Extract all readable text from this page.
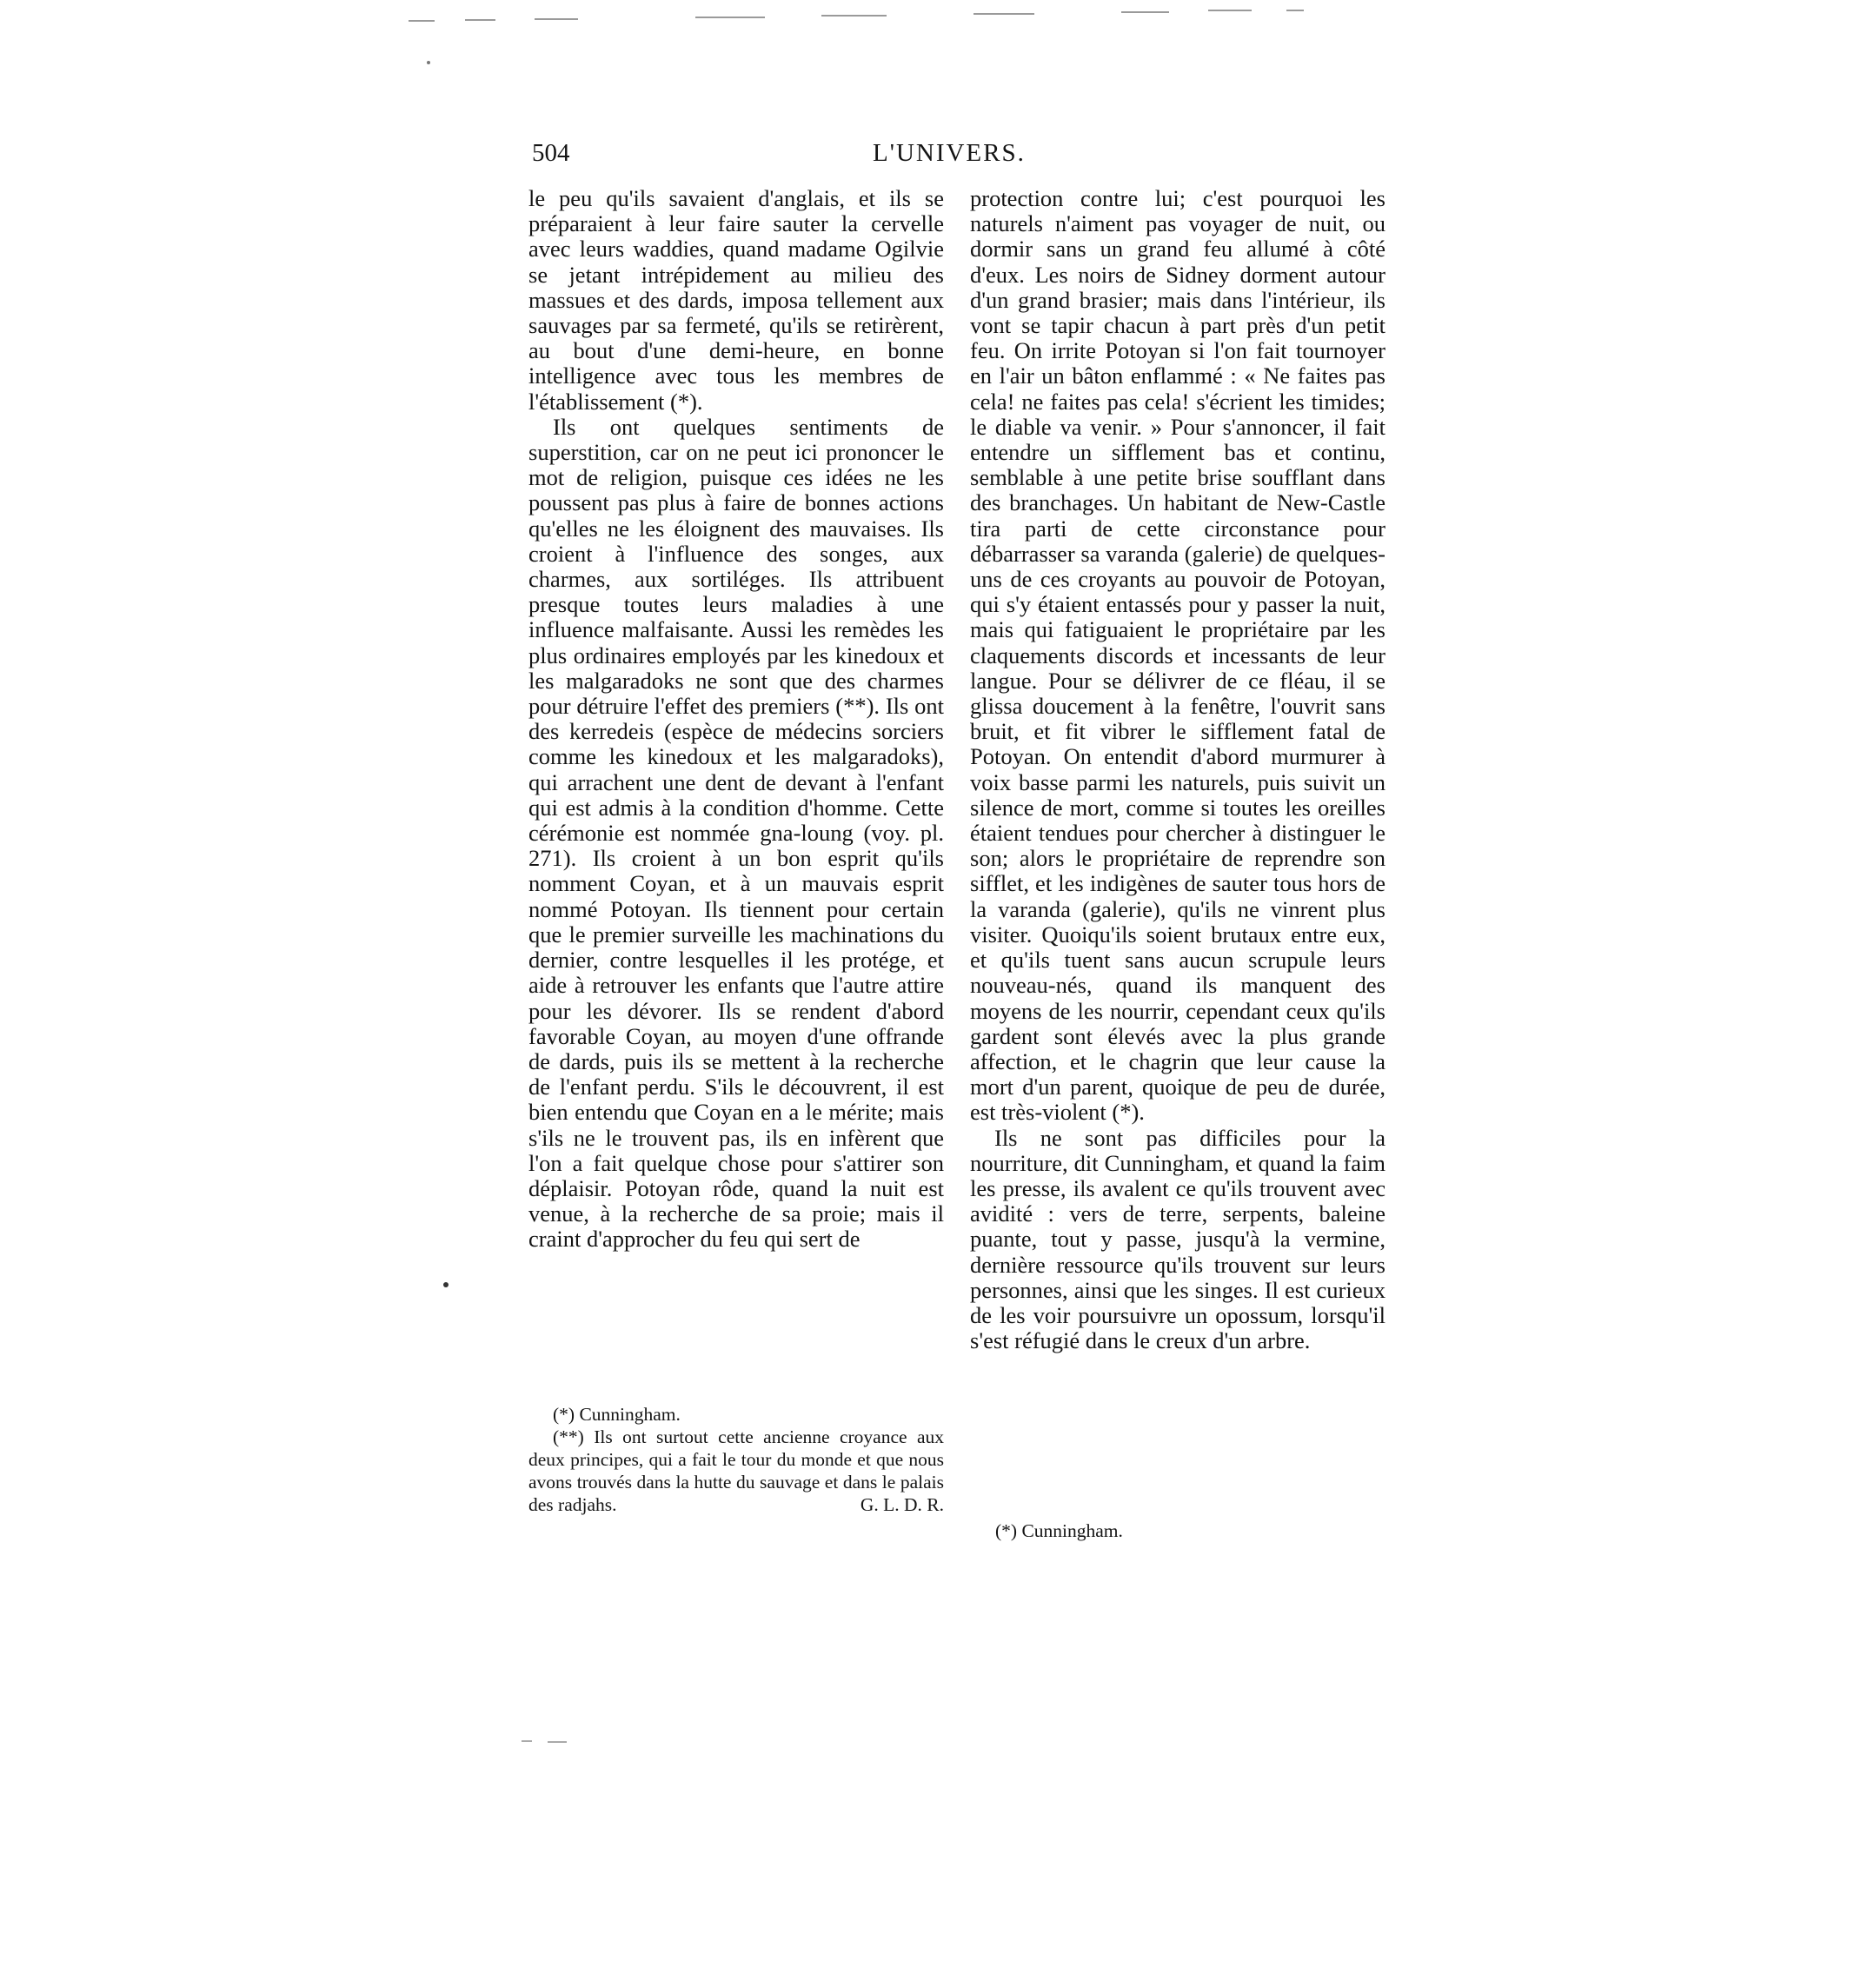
504	L'UNIVERS.

le peu qu'ils savaient d'anglais, et ils se préparaient à leur faire sauter la cervelle avec leurs waddies, quand madame Ogilvie se jetant intrépidement au milieu des massues et des dards, imposa tellement aux sauvages par sa fermeté, qu'ils se retirèrent, au bout d'une demi-heure, en bonne intelligence avec tous les membres de l'établissement (*).

Ils ont quelques sentiments de superstition, car on ne peut ici prononcer le mot de religion, puisque ces idées ne les poussent pas plus à faire de bonnes actions qu'elles ne les éloignent des mauvaises. Ils croient à l'influence des songes, aux charmes, aux sortiléges. Ils attribuent presque toutes leurs maladies à une influence malfaisante. Aussi les remèdes les plus ordinaires employés par les kinedoux et les malgaradoks ne sont que des charmes pour détruire l'effet des premiers (**). Ils ont des kerredeis (espèce de médecins sorciers comme les kinedoux et les malgaradoks), qui arrachent une dent de devant à l'enfant qui est admis à la condition d'homme. Cette cérémonie est nommée gna-loung (voy. pl. 271). Ils croient à un bon esprit qu'ils nomment Coyan, et à un mauvais esprit nommé Potoyan. Ils tiennent pour certain que le premier surveille les machinations du dernier, contre lesquelles il les protége, et aide à retrouver les enfants que l'autre attire pour les dévorer. Ils se rendent d'abord favorable Coyan, au moyen d'une offrande de dards, puis ils se mettent à la recherche de l'enfant perdu. S'ils le découvrent, il est bien entendu que Coyan en a le mérite; mais s'ils ne le trouvent pas, ils en infèrent que l'on a fait quelque chose pour s'attirer son déplaisir. Potoyan rôde, quand la nuit est venue, à la recherche de sa proie; mais il craint d'approcher du feu qui sert de

protection contre lui; c'est pourquoi les naturels n'aiment pas voyager de nuit, ou dormir sans un grand feu allumé à côté d'eux. Les noirs de Sidney dorment autour d'un grand brasier; mais dans l'intérieur, ils vont se tapir chacun à part près d'un petit feu. On irrite Potoyan si l'on fait tournoyer en l'air un bâton enflammé : « Ne faites pas cela! ne faites pas cela! s'écrient les timides; le diable va venir. » Pour s'annoncer, il fait entendre un sifflement bas et continu, semblable à une petite brise soufflant dans des branchages. Un habitant de New-Castle tira parti de cette circonstance pour débarrasser sa varanda (galerie) de quelques-uns de ces croyants au pouvoir de Potoyan, qui s'y étaient entassés pour y passer la nuit, mais qui fatiguaient le propriétaire par les claquements discords et incessants de leur langue. Pour se délivrer de ce fléau, il se glissa doucement à la fenêtre, l'ouvrit sans bruit, et fit vibrer le sifflement fatal de Potoyan. On entendit d'abord murmurer à voix basse parmi les naturels, puis suivit un silence de mort, comme si toutes les oreilles étaient tendues pour chercher à distinguer le son; alors le propriétaire de reprendre son sifflet, et les indigènes de sauter tous hors de la varanda (galerie), qu'ils ne vinrent plus visiter. Quoiqu'ils soient brutaux entre eux, et qu'ils tuent sans aucun scrupule leurs nouveau-nés, quand ils manquent des moyens de les nourrir, cependant ceux qu'ils gardent sont élevés avec la plus grande affection, et le chagrin que leur cause la mort d'un parent, quoique de peu de durée, est très-violent (*).

Ils ne sont pas difficiles pour la nourriture, dit Cunningham, et quand la faim les presse, ils avalent ce qu'ils trouvent avec avidité : vers de terre, serpents, baleine puante, tout y passe, jusqu'à la vermine, dernière ressource qu'ils trouvent sur leurs personnes, ainsi que les singes. Il est curieux de les voir poursuivre un opossum, lorsqu'il s'est réfugié dans le creux d'un arbre.

(*) Cunningham.

(**) Ils ont surtout cette ancienne croyance aux deux principes, qui a fait le tour du monde et que nous avons trouvés dans la hutte du sauvage et dans le palais des radjahs.	G. L. D. R.

(*) Cunningham.
